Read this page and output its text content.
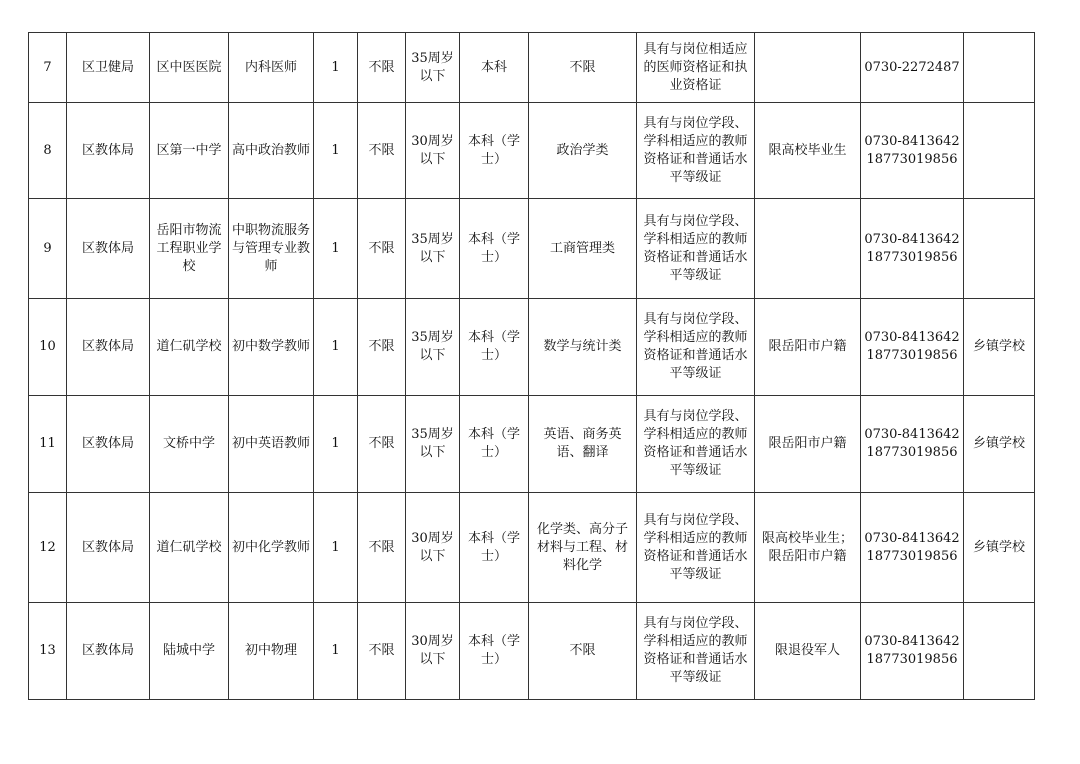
7	区卫健局	区中医医院	内科医师	1	不限	35周岁以下	本科	不限	具有与岗位相适应的医师资格证和执业资格证		0730-2272487	
8	区教体局	区第一中学	高中政治教师	1	不限	30周岁以下	本科（学士）	政治学类	具有与岗位学段、学科相适应的教师资格证和普通话水平等级证	限高校毕业生	0730-8413642 18773019856	
9	区教体局	岳阳市物流工程职业学校	中职物流服务与管理专业教师	1	不限	35周岁以下	本科（学士）	工商管理类	具有与岗位学段、学科相适应的教师资格证和普通话水平等级证		0730-8413642 18773019856	
10	区教体局	道仁矶学校	初中数学教师	1	不限	35周岁以下	本科（学士）	数学与统计类	具有与岗位学段、学科相适应的教师资格证和普通话水平等级证	限岳阳市户籍	0730-8413642 18773019856	乡镇学校
11	区教体局	文桥中学	初中英语教师	1	不限	35周岁以下	本科（学士）	英语、商务英语、翻译	具有与岗位学段、学科相适应的教师资格证和普通话水平等级证	限岳阳市户籍	0730-8413642 18773019856	乡镇学校
12	区教体局	道仁矶学校	初中化学教师	1	不限	30周岁以下	本科（学士）	化学类、高分子材料与工程、材料化学	具有与岗位学段、学科相适应的教师资格证和普通话水平等级证	限高校毕业生；限岳阳市户籍	0730-8413642 18773019856	乡镇学校
13	区教体局	陆城中学	初中物理	1	不限	30周岁以下	本科（学士）	不限	具有与岗位学段、学科相适应的教师资格证和普通话水平等级证	限退役军人	0730-8413642 18773019856	
